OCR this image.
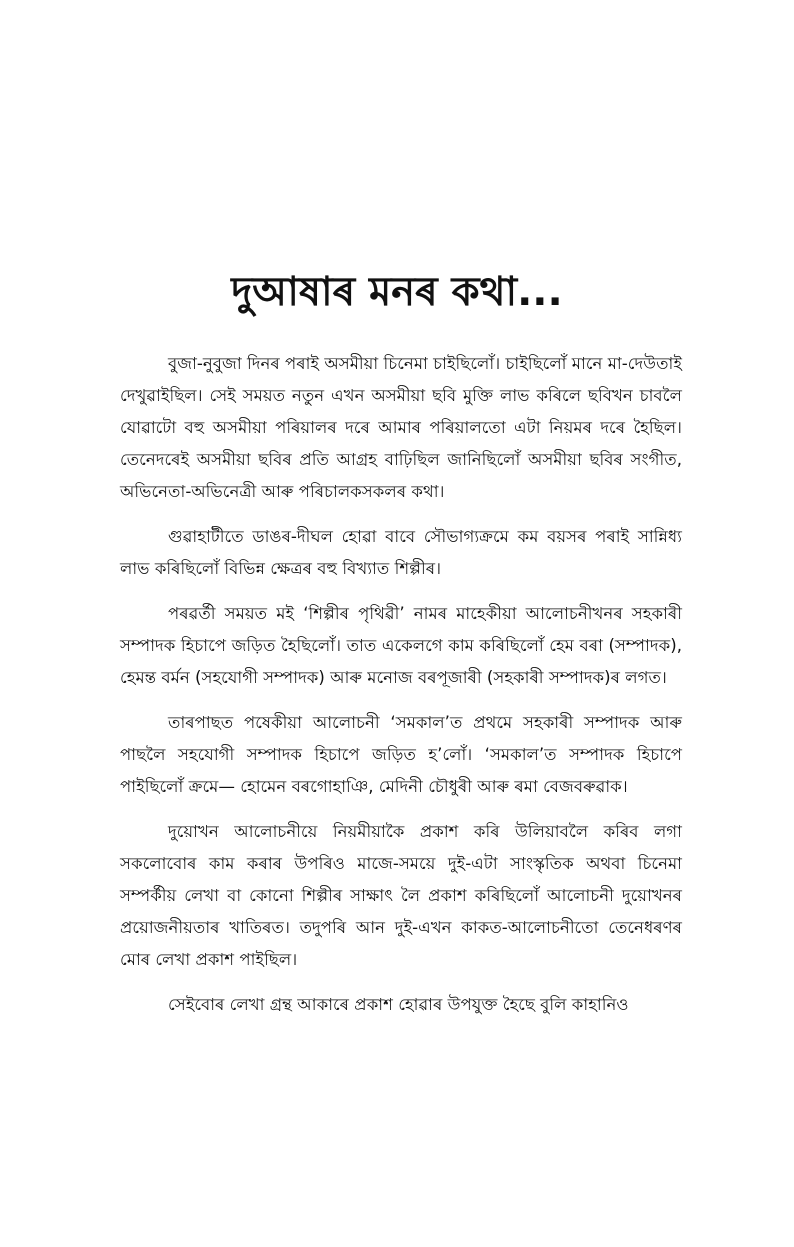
দুআষাৰ মনৰ কথা...

বুজা-নুবুজা দিনৰ পৰাই অসমীয়া চিনেমা চাইছিলোঁ। চাইছিলোঁ মানে মা-দেউতাই দেখুৱাইছিল। সেই সময়ত নতুন এখন অসমীয়া ছবি মুক্তি লাভ কৰিলে ছবিখন চাবলৈ যোৱাটো বহু অসমীয়া পৰিয়ালৰ দৰে আমাৰ পৰিয়ালতো এটা নিয়মৰ দৰে হৈছিল। তেনেদৰেই অসমীয়া ছবিৰ প্ৰতি আগ্ৰহ বাঢ়িছিল জানিছিলোঁ অসমীয়া ছবিৰ সংগীত, অভিনেতা-অভিনেত্ৰী আৰু পৰিচালকসকলৰ কথা।

গুৱাহাটীতে ডাঙৰ-দীঘল হোৱা বাবে সৌভাগ্যক্ৰমে কম বয়সৰ পৰাই সান্নিধ্য লাভ কৰিছিলোঁ বিভিন্ন ক্ষেত্ৰৰ বহু বিখ্যাত শিল্পীৰ।

পৰৱৰ্তী সময়ত মই ‘শিল্পীৰ পৃথিৱী’ নামৰ মাহেকীয়া আলোচনীখনৰ সহকাৰী সম্পাদক হিচাপে জড়িত হৈছিলোঁ। তাত একেলগে কাম কৰিছিলোঁ হেম বৰা (সম্পাদক), হেমন্ত বৰ্মন (সহযোগী সম্পাদক) আৰু মনোজ বৰপূজাৰী (সহকাৰী সম্পাদক)ৰ লগত।

তাৰপাছত পষেকীয়া আলোচনী ‘সমকাল’ত প্ৰথমে সহকাৰী সম্পাদক আৰু পাছলৈ সহযোগী সম্পাদক হিচাপে জড়িত হ’লোঁ। ‘সমকাল’ত সম্পাদক হিচাপে পাইছিলোঁ ক্ৰমে— হোমেন বৰগোহাঞি, মেদিনী চৌধুৰী আৰু ৰমা বেজবৰুৱাক।

দুয়োখন আলোচনীয়ে নিয়মীয়াকৈ প্ৰকাশ কৰি উলিয়াবলৈ কৰিব লগা সকলোবোৰ কাম কৰাৰ উপৰিও মাজে-সময়ে দুই-এটা সাংস্কৃতিক অথবা চিনেমা সম্পৰ্কীয় লেখা বা কোনো শিল্পীৰ সাক্ষাৎ লৈ প্ৰকাশ কৰিছিলোঁ আলোচনী দুয়োখনৰ প্ৰয়োজনীয়তাৰ খাতিৰত। তদুপৰি আন দুই-এখন কাকত-আলোচনীতো তেনেধৰণৰ মোৰ লেখা প্ৰকাশ পাইছিল।

সেইবোৰ লেখা গ্ৰন্থ আকাৰে প্ৰকাশ হোৱাৰ উপযুক্ত হৈছে বুলি কাহানিও
